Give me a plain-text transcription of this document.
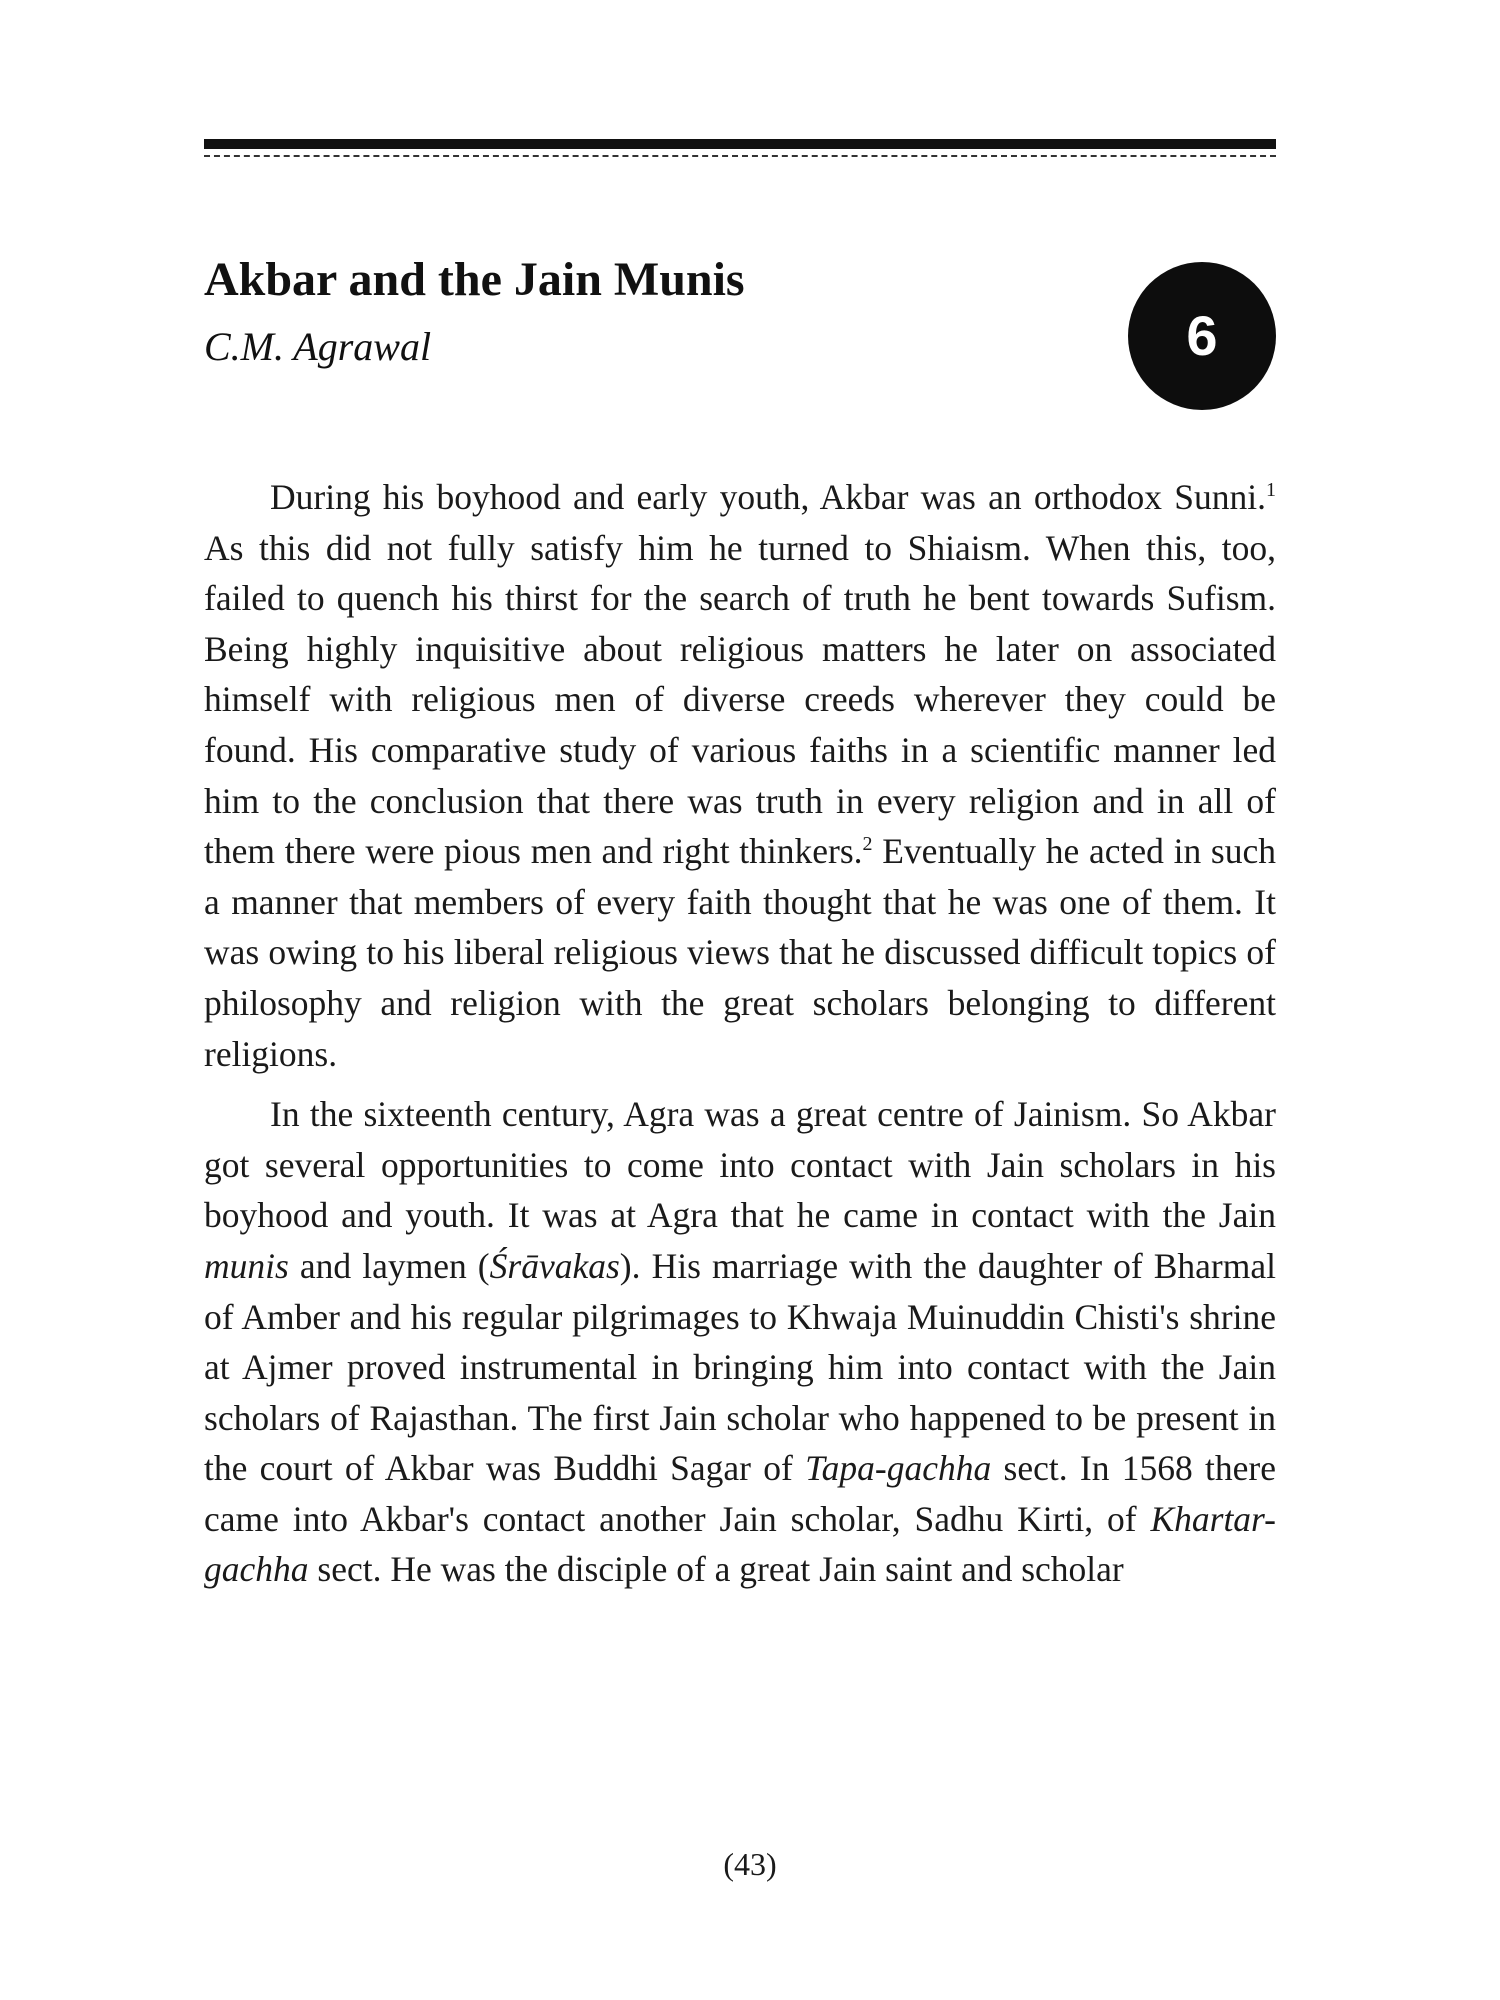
Akbar and the Jain Munis
C.M. Agrawal	6

During his boyhood and early youth, Akbar was an orthodox Sunni.$^1$ As this did not fully satisfy him he turned to Shiaism. When this, too, failed to quench his thirst for the search of truth he bent towards Sufism. Being highly inquisitive about religious matters he later on associated himself with religious men of diverse creeds wherever they could be found. His comparative study of various faiths in a scientific manner led him to the conclusion that there was truth in every religion and in all of them there were pious men and right thinkers.$^2$ Eventually he acted in such a manner that members of every faith thought that he was one of them. It was owing to his liberal religious views that he discussed difficult topics of philosophy and religion with the great scholars belonging to different religions.

In the sixteenth century, Agra was a great centre of Jainism. So Akbar got several opportunities to come into contact with Jain scholars in his boyhood and youth. It was at Agra that he came in contact with the Jain munis and laymen (Śrāvakas). His marriage with the daughter of Bharmal of Amber and his regular pilgrimages to Khwaja Muinuddin Chisti's shrine at Ajmer proved instrumental in bringing him into contact with the Jain scholars of Rajasthan. The first Jain scholar who happened to be present in the court of Akbar was Buddhi Sagar of Tapa-gachha sect. In 1568 there came into Akbar's contact another Jain scholar, Sadhu Kirti, of Khartar-gachha sect. He was the disciple of a great Jain saint and scholar

(43)
